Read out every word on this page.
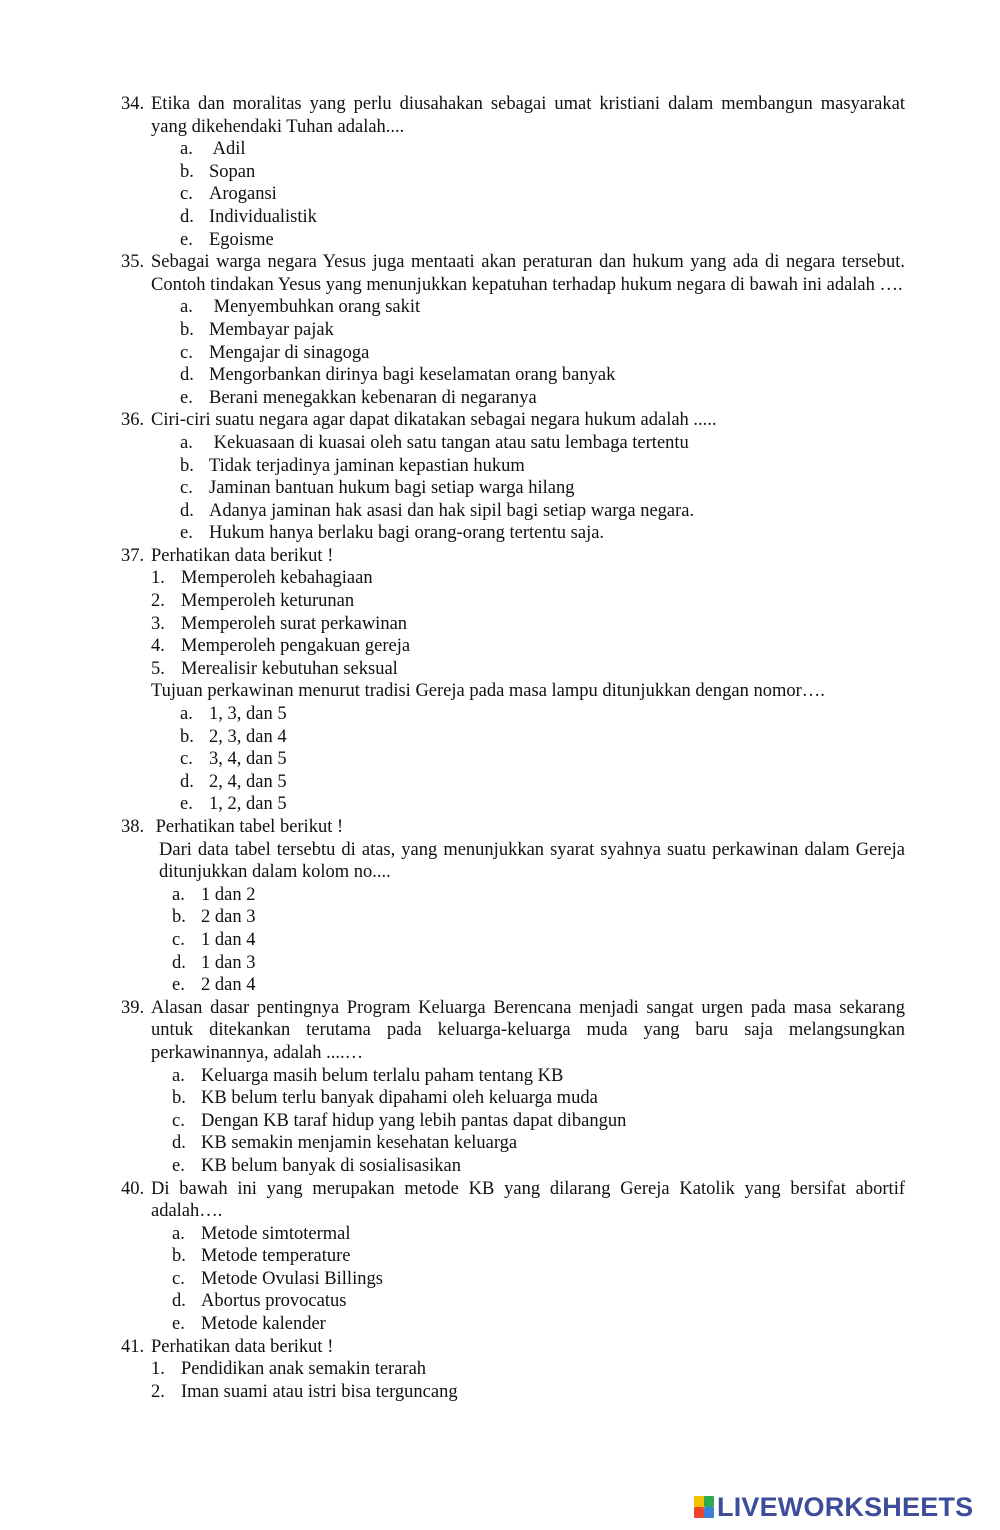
34. Etika dan moralitas yang perlu diusahakan sebagai umat kristiani dalam membangun masyarakat yang dikehendaki Tuhan adalah....
a. Adil
b. Sopan
c. Arogansi
d. Individualistik
e. Egoisme
35. Sebagai warga negara Yesus juga mentaati akan peraturan dan hukum yang ada di negara tersebut. Contoh tindakan Yesus yang menunjukkan kepatuhan terhadap hukum negara di bawah ini adalah ….
a. Menyembuhkan orang sakit
b. Membayar pajak
c. Mengajar di sinagoga
d. Mengorbankan dirinya bagi keselamatan orang banyak
e. Berani menegakkan kebenaran di negaranya
36. Ciri-ciri suatu negara agar dapat dikatakan sebagai negara hukum adalah .....
a. Kekuasaan di kuasai oleh satu tangan atau satu lembaga tertentu
b. Tidak terjadinya jaminan kepastian hukum
c. Jaminan bantuan hukum bagi setiap warga hilang
d. Adanya jaminan hak asasi dan hak sipil bagi setiap warga negara.
e. Hukum hanya berlaku bagi orang-orang tertentu saja.
37. Perhatikan data berikut !
1. Memperoleh kebahagiaan
2. Memperoleh keturunan
3. Memperoleh surat perkawinan
4. Memperoleh pengakuan gereja
5. Merealisir kebutuhan seksual
Tujuan perkawinan menurut tradisi Gereja pada masa lampu ditunjukkan dengan nomor….
a. 1, 3, dan 5
b. 2, 3, dan 4
c. 3, 4, dan 5
d. 2, 4, dan 5
e. 1, 2, dan 5
38. Perhatikan tabel berikut !
Dari data tabel tersebtu di atas, yang menunjukkan syarat syahnya suatu perkawinan dalam Gereja ditunjukkan dalam kolom no....
a. 1 dan 2
b. 2 dan 3
c. 1 dan 4
d. 1 dan 3
e. 2 dan 4
39. Alasan dasar pentingnya Program Keluarga Berencana menjadi sangat urgen pada masa sekarang untuk ditekankan terutama pada keluarga-keluarga muda yang baru saja melangsungkan perkawinannya, adalah ....…
a. Keluarga masih belum terlalu paham tentang KB
b. KB belum terlu banyak dipahami oleh keluarga muda
c. Dengan KB taraf hidup yang lebih pantas dapat dibangun
d. KB semakin menjamin kesehatan keluarga
e. KB belum banyak di sosialisasikan
40. Di bawah ini yang merupakan metode KB yang dilarang Gereja Katolik yang bersifat abortif adalah….
a. Metode simtotermal
b. Metode temperature
c. Metode Ovulasi Billings
d. Abortus provocatus
e. Metode kalender
41. Perhatikan data berikut !
1. Pendidikan anak semakin terarah
2. Iman suami atau istri bisa terguncang
LIVEWORKSHEETS
